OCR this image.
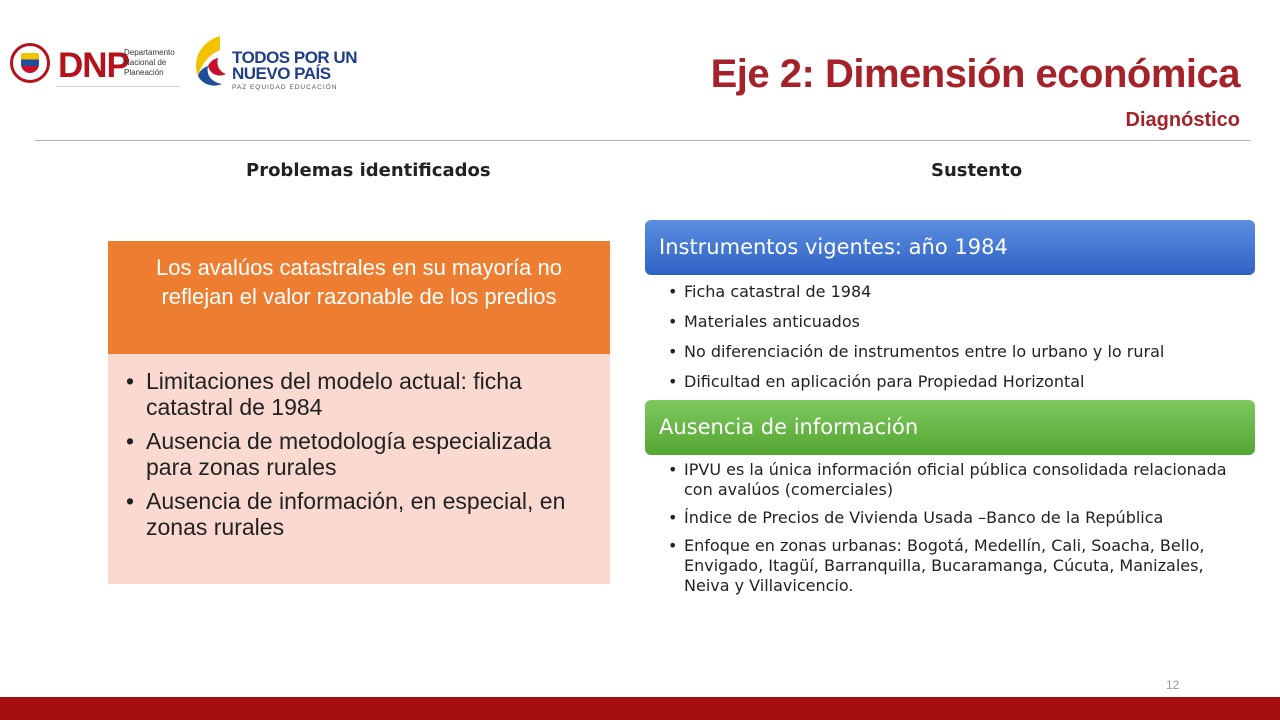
DNP
Departamento Nacional de Planeación
TODOS POR UN
NUEVO PAÍS
PAZ EQUIDAD EDUCACIÓN	Eje 2: Dimensión económica
Diagnóstico
Problemas identificados	Sustento
Los avalúos catastrales en su mayoría no reflejan el valor razonable de los predios
• Limitaciones del modelo actual: ficha catastral de 1984
• Ausencia de metodología especializada para zonas rurales
• Ausencia de información, en especial, en zonas rurales
Instrumentos vigentes: año 1984
• Ficha catastral de 1984
• Materiales anticuados
• No diferenciación de instrumentos entre lo urbano y lo rural
• Dificultad en aplicación para Propiedad Horizontal
Ausencia de información
• IPVU es la única información oficial pública consolidada relacionada con avalúos (comerciales)
• Índice de Precios de Vivienda Usada –Banco de la República
• Enfoque en zonas urbanas: Bogotá, Medellín, Cali, Soacha, Bello, Envigado, Itagüí, Barranquilla, Bucaramanga, Cúcuta, Manizales, Neiva y Villavicencio.
12
